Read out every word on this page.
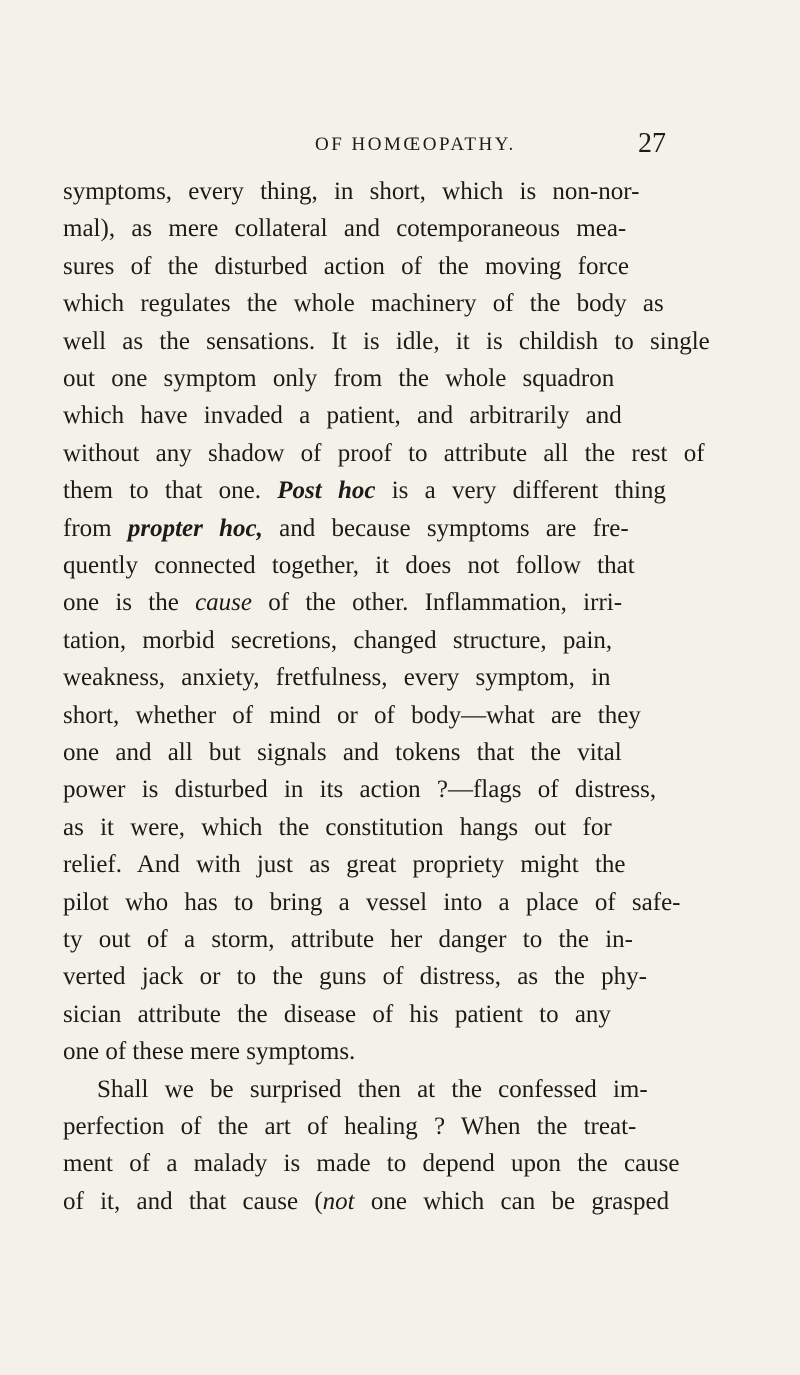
OF HOMŒOPATHY.	27
symptoms, every thing, in short, which is non-nor-
mal), as mere collateral and cotemporaneous mea-
sures of the disturbed action of the moving force
which regulates the whole machinery of the body as
well as the sensations. It is idle, it is childish to single
out one symptom only from the whole squadron
which have invaded a patient, and arbitrarily and
without any shadow of proof to attribute all the rest of
them to that one. Post hoc is a very different thing
from propter hoc, and because symptoms are fre-
quently connected together, it does not follow that
one is the cause of the other. Inflammation, irri-
tation, morbid secretions, changed structure, pain,
weakness, anxiety, fretfulness, every symptom, in
short, whether of mind or of body—what are they
one and all but signals and tokens that the vital
power is disturbed in its action ?—flags of distress,
as it were, which the constitution hangs out for
relief. And with just as great propriety might the
pilot who has to bring a vessel into a place of safe-
ty out of a storm, attribute her danger to the in-
verted jack or to the guns of distress, as the phy-
sician attribute the disease of his patient to any
one of these mere symptoms.
Shall we be surprised then at the confessed im-
perfection of the art of healing ? When the treat-
ment of a malady is made to depend upon the cause
of it, and that cause (not one which can be grasped
